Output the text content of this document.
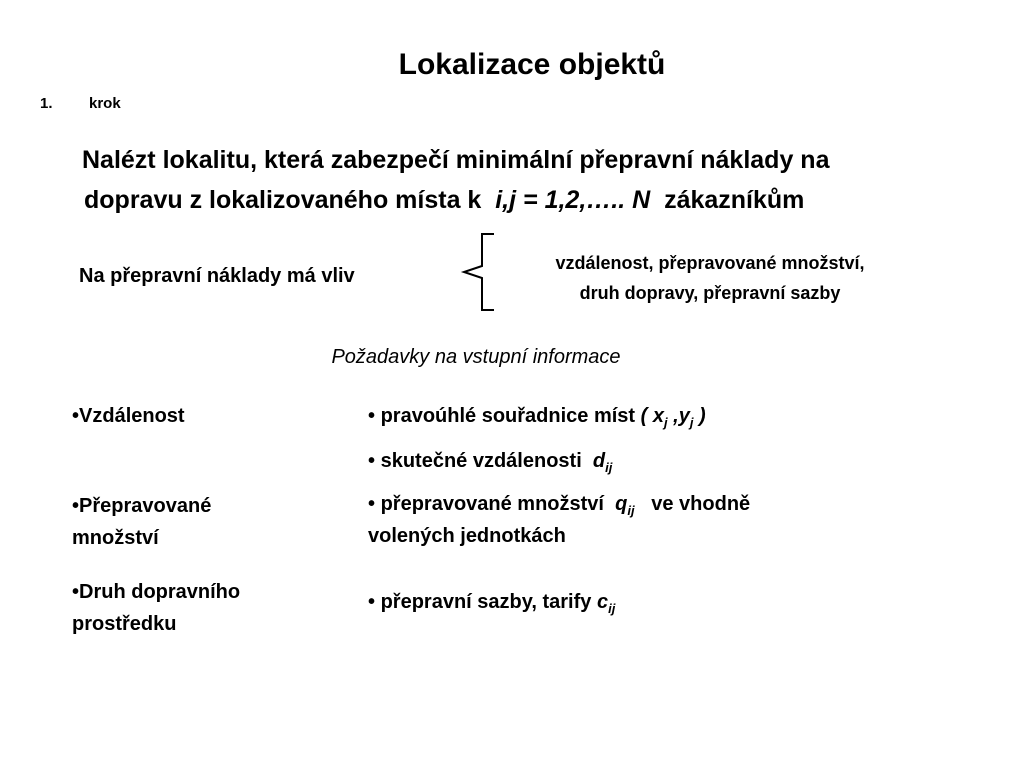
Lokalizace objektů
1. krok
Nalézt lokalitu, která zabezpečí minimální přepravní náklady na
dopravu z lokalizovaného místa k i,j = 1,2,….. N zákazníkům
Na přepravní náklady má vliv
vzdálenost, přepravované množství,
druh dopravy, přepravní sazby
Požadavky na vstupní informace
•Vzdálenost
•Přepravované
množství
•Druh dopravního
prostředku
• pravoúhlé souřadnice míst ( $x_j$ $,y_j$ )
• skutečné vzdálenosti $d_{ij}$
• přepravované množství $q_{ij}$ ve vhodně
volených jednotkách
• přepravní sazby, tarify $c_{ij}$
